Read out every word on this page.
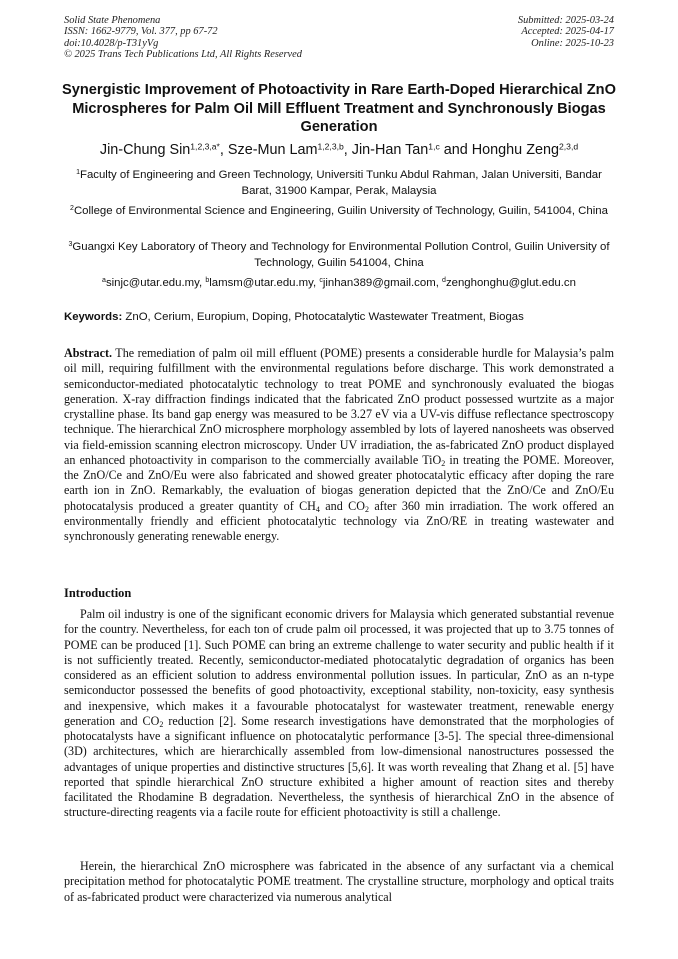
Solid State Phenomena
ISSN: 1662-9779, Vol. 377, pp 67-72
doi:10.4028/p-T31yVg
© 2025 Trans Tech Publications Ltd, All Rights Reserved
Submitted: 2025-03-24
Accepted: 2025-04-17
Online: 2025-10-23
Synergistic Improvement of Photoactivity in Rare Earth-Doped Hierarchical ZnO Microspheres for Palm Oil Mill Effluent Treatment and Synchronously Biogas Generation
Jin-Chung Sin$^{1,2,3,a*}$, Sze-Mun Lam$^{1,2,3,b}$, Jin-Han Tan$^{1,c}$ and Honghu Zeng$^{2,3,d}$
$^1$Faculty of Engineering and Green Technology, Universiti Tunku Abdul Rahman, Jalan Universiti, Bandar Barat, 31900 Kampar, Perak, Malaysia
$^2$College of Environmental Science and Engineering, Guilin University of Technology, Guilin, 541004, China
$^3$Guangxi Key Laboratory of Theory and Technology for Environmental Pollution Control, Guilin University of Technology, Guilin 541004, China
$^a$sinjc@utar.edu.my, $^b$lamsm@utar.edu.my, $^c$jinhan389@gmail.com, $^d$zenghonghu@glut.edu.cn
Keywords: ZnO, Cerium, Europium, Doping, Photocatalytic Wastewater Treatment, Biogas
Abstract. The remediation of palm oil mill effluent (POME) presents a considerable hurdle for Malaysia’s palm oil mill, requiring fulfillment with the environmental regulations before discharge. This work demonstrated a semiconductor-mediated photocatalytic technology to treat POME and synchronously evaluated the biogas generation. X-ray diffraction findings indicated that the fabricated ZnO product possessed wurtzite as a major crystalline phase. Its band gap energy was measured to be 3.27 eV via a UV-vis diffuse reflectance spectroscopy technique. The hierarchical ZnO microsphere morphology assembled by lots of layered nanosheets was observed via field-emission scanning electron microscopy. Under UV irradiation, the as-fabricated ZnO product displayed an enhanced photoactivity in comparison to the commercially available TiO$_2$ in treating the POME. Moreover, the ZnO/Ce and ZnO/Eu were also fabricated and showed greater photocatalytic efficacy after doping the rare earth ion in ZnO. Remarkably, the evaluation of biogas generation depicted that the ZnO/Ce and ZnO/Eu photocatalysis produced a greater quantity of $CH_4$ and $CO_2$ after 360 min irradiation. The work offered an environmentally friendly and efficient photocatalytic technology via ZnO/RE in treating wastewater and synchronously generating renewable energy.
Introduction

Palm oil industry is one of the significant economic drivers for Malaysia which generated substantial revenue for the country. Nevertheless, for each ton of crude palm oil processed, it was projected that up to 3.75 tonnes of POME can be produced [1]. Such POME can bring an extreme challenge to water security and public health if it is not sufficiently treated. Recently, semiconductor-mediated photocatalytic degradation of organics has been considered as an efficient solution to address environmental pollution issues. In particular, ZnO as an n-type semiconductor possessed the benefits of good photoactivity, exceptional stability, non-toxicity, easy synthesis and inexpensive, which makes it a favourable photocatalyst for wastewater treatment, renewable energy generation and $CO_2$ reduction [2]. Some research investigations have demonstrated that the morphologies of photocatalysts have a significant influence on photocatalytic performance [3-5]. The special three-dimensional (3D) architectures, which are hierarchically assembled from low-dimensional nanostructures possessed the advantages of unique properties and distinctive structures [5,6]. It was worth revealing that Zhang et al. [5] have reported that spindle hierarchical ZnO structure exhibited a higher amount of reaction sites and thereby facilitated the Rhodamine B degradation. Nevertheless, the synthesis of hierarchical ZnO in the absence of structure-directing reagents via a facile route for efficient photoactivity is still a challenge.

Herein, the hierarchical ZnO microsphere was fabricated in the absence of any surfactant via a chemical precipitation method for photocatalytic POME treatment. The crystalline structure, morphology and optical traits of as-fabricated product were characterized via numerous analytical
